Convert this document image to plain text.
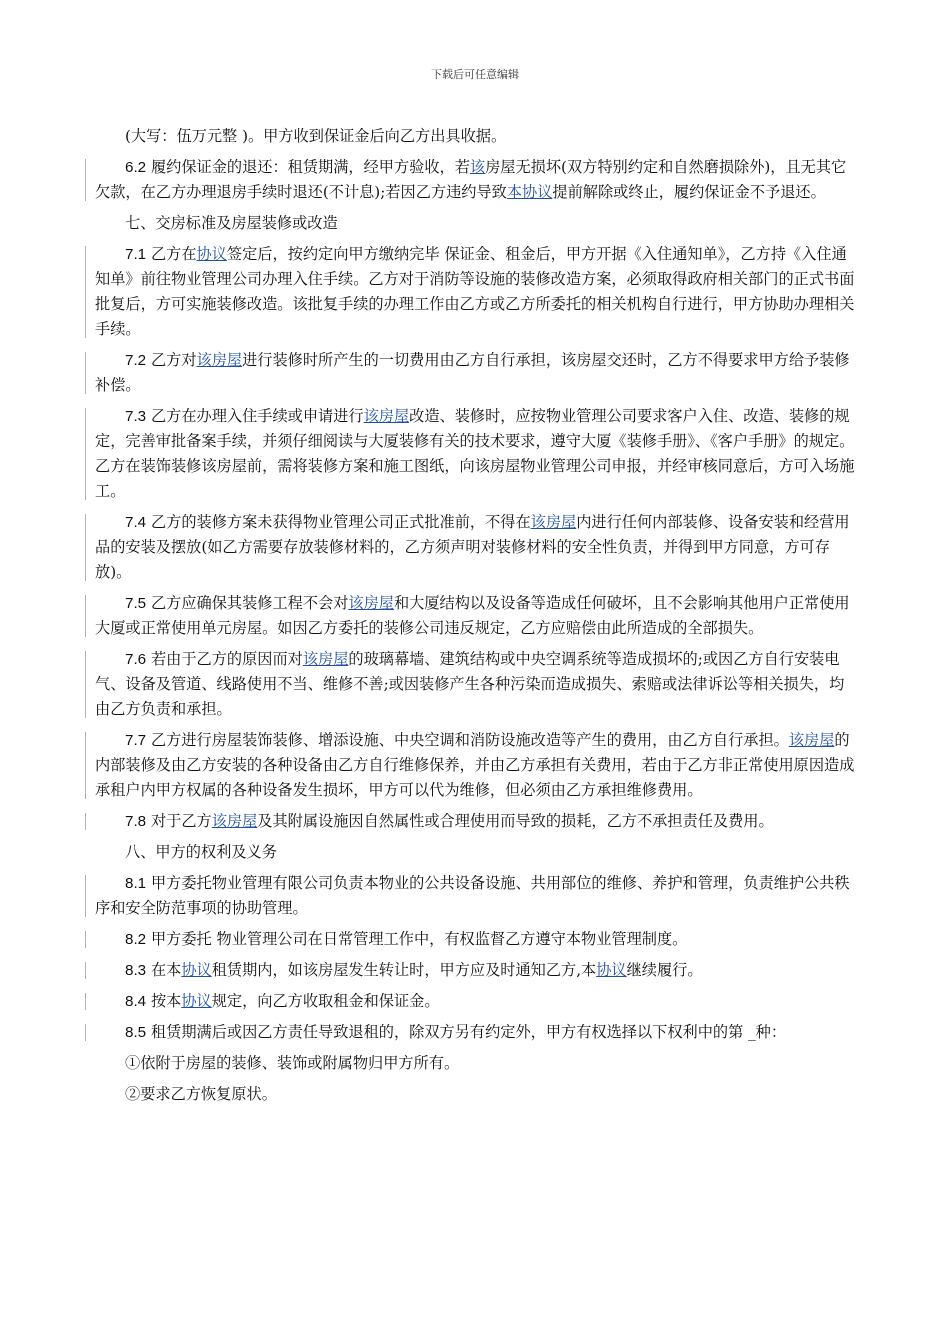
下载后可任意编辑

(大写：伍万元整 )。甲方收到保证金后向乙方出具收据。

6.2 履约保证金的退还：租赁期满，经甲方验收，若该房屋无损坏(双方特别约定和自然磨损除外)，且无其它欠款，在乙方办理退房手续时退还(不计息);若因乙方违约导致本协议提前解除或终止，履约保证金不予退还。

七、交房标准及房屋装修或改造

7.1 乙方在协议签定后，按约定向甲方缴纳完毕 保证金、租金后，甲方开据《入住通知单》，乙方持《入住通知单》前往物业管理公司办理入住手续。乙方对于消防等设施的装修改造方案，必须取得政府相关部门的正式书面批复后，方可实施装修改造。该批复手续的办理工作由乙方或乙方所委托的相关机构自行进行，甲方协助办理相关手续。

7.2 乙方对该房屋进行装修时所产生的一切费用由乙方自行承担，该房屋交还时，乙方不得要求甲方给予装修补偿。

7.3 乙方在办理入住手续或申请进行该房屋改造、装修时，应按物业管理公司要求客户入住、改造、装修的规定，完善审批备案手续，并须仔细阅读与大厦装修有关的技术要求，遵守大厦《装修手册》、《客户手册》的规定。乙方在装饰装修该房屋前，需将装修方案和施工图纸，向该房屋物业管理公司申报，并经审核同意后，方可入场施工。

7.4 乙方的装修方案未获得物业管理公司正式批准前，不得在该房屋内进行任何内部装修、设备安装和经营用品的安装及摆放(如乙方需要存放装修材料的，乙方须声明对装修材料的安全性负责，并得到甲方同意，方可存放)。

7.5 乙方应确保其装修工程不会对该房屋和大厦结构以及设备等造成任何破坏，且不会影响其他用户正常使用大厦或正常使用单元房屋。如因乙方委托的装修公司违反规定，乙方应赔偿由此所造成的全部损失。

7.6 若由于乙方的原因而对该房屋的玻璃幕墙、建筑结构或中央空调系统等造成损坏的;或因乙方自行安装电气、设备及管道、线路使用不当、维修不善;或因装修产生各种污染而造成损失、索赔或法律诉讼等相关损失，均由乙方负责和承担。

7.7 乙方进行房屋装饰装修、增添设施、中央空调和消防设施改造等产生的费用，由乙方自行承担。该房屋的内部装修及由乙方安装的各种设备由乙方自行维修保养，并由乙方承担有关费用，若由于乙方非正常使用原因造成承租户内甲方权属的各种设备发生损坏，甲方可以代为维修，但必须由乙方承担维修费用。

7.8 对于乙方该房屋及其附属设施因自然属性或合理使用而导致的损耗，乙方不承担责任及费用。

八、甲方的权利及义务

8.1 甲方委托物业管理有限公司负责本物业的公共设备设施、共用部位的维修、养护和管理，负责维护公共秩序和安全防范事项的协助管理。

8.2 甲方委托 物业管理公司在日常管理工作中，有权监督乙方遵守本物业管理制度。

8.3 在本协议租赁期内，如该房屋发生转让时，甲方应及时通知乙方,本协议继续履行。

8.4 按本协议规定，向乙方收取租金和保证金。

8.5 租赁期满后或因乙方责任导致退租的，除双方另有约定外，甲方有权选择以下权利中的第 _种：

①依附于房屋的装修、装饰或附属物归甲方所有。

②要求乙方恢复原状。
